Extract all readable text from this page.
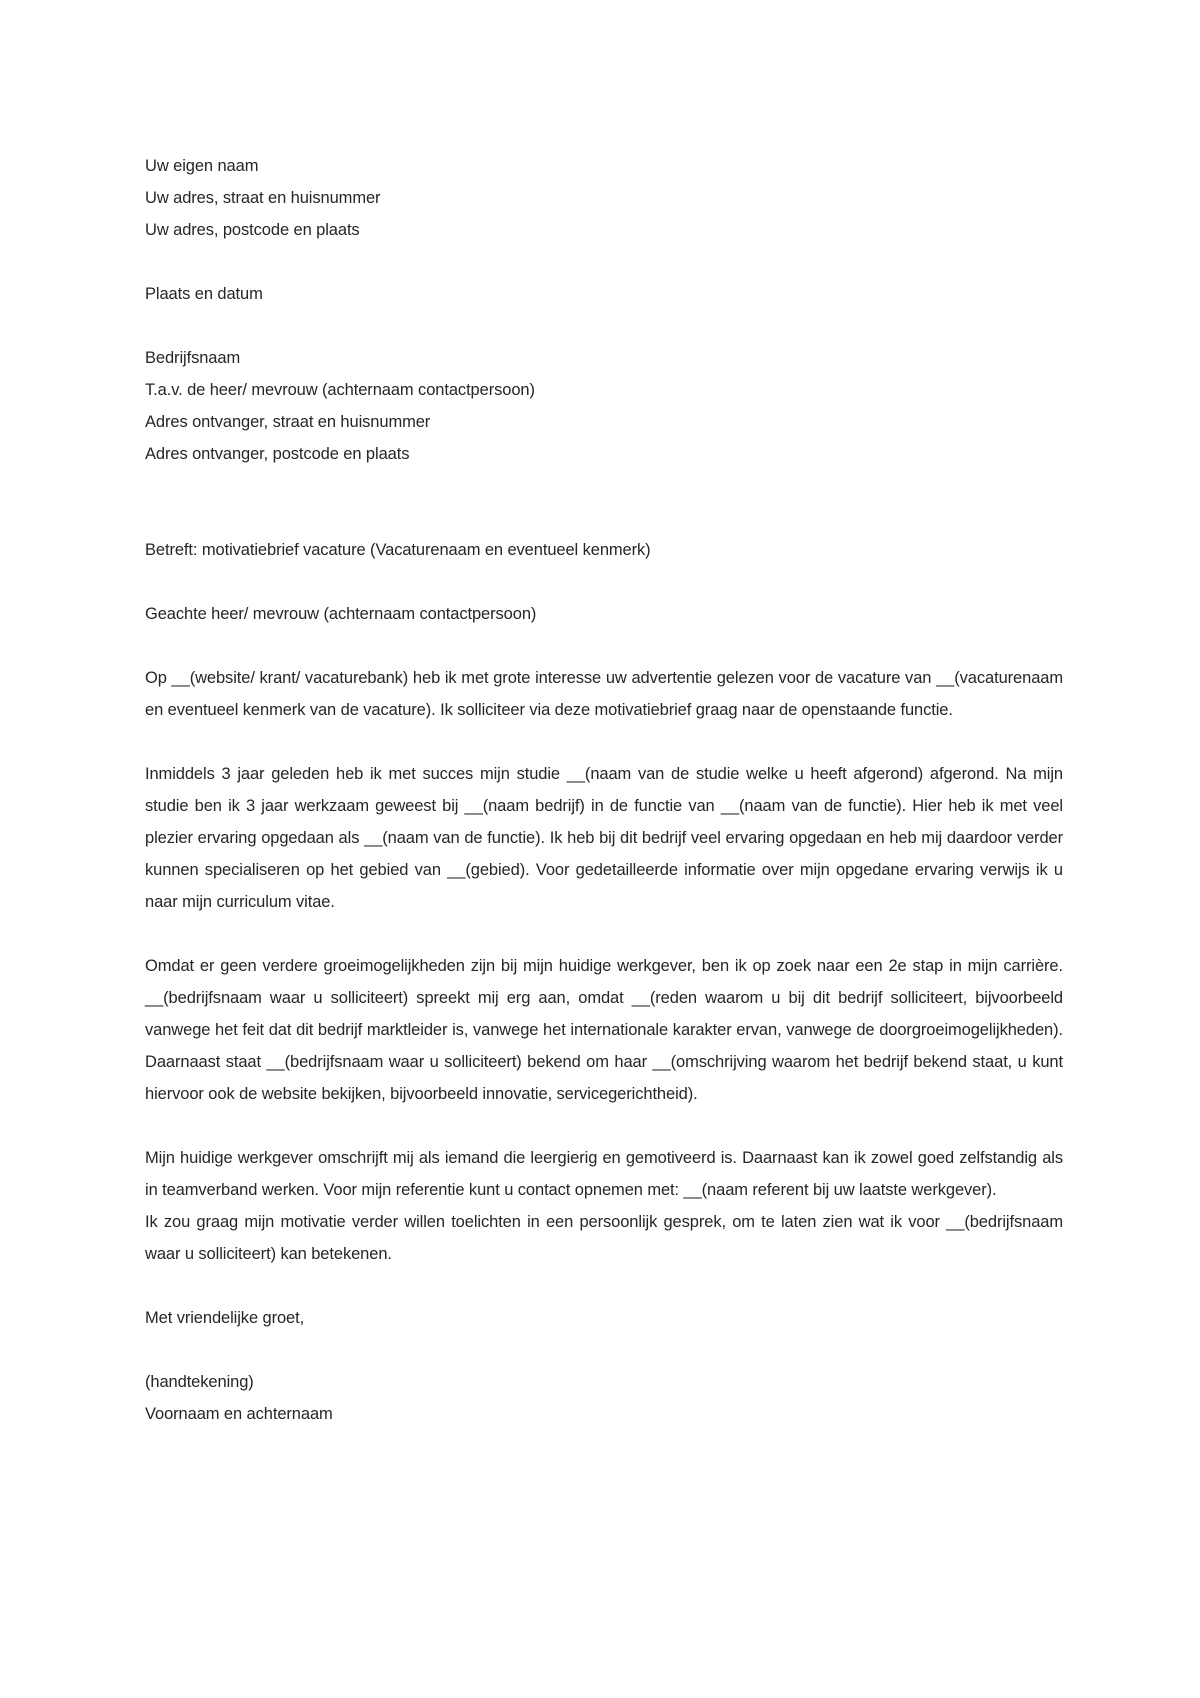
Uw eigen naam
Uw adres, straat en huisnummer
Uw adres, postcode en plaats
Plaats en datum
Bedrijfsnaam
T.a.v. de heer/ mevrouw (achternaam contactpersoon)
Adres ontvanger, straat en huisnummer
Adres ontvanger, postcode en plaats
Betreft: motivatiebrief vacature (Vacaturenaam en eventueel kenmerk)
Geachte heer/ mevrouw (achternaam contactpersoon)

Op __(website/ krant/ vacaturebank) heb ik met grote interesse uw advertentie gelezen voor de vacature van __(vacaturenaam en eventueel kenmerk van de vacature). Ik solliciteer via deze motivatiebrief graag naar de openstaande functie.

Inmiddels 3 jaar geleden heb ik met succes mijn studie __(naam van de studie welke u heeft afgerond) afgerond. Na mijn studie ben ik 3 jaar werkzaam geweest bij __(naam bedrijf) in de functie van __(naam van de functie). Hier heb ik met veel plezier ervaring opgedaan als __(naam van de functie). Ik heb bij dit bedrijf veel ervaring opgedaan en heb mij daardoor verder kunnen specialiseren op het gebied van __(gebied). Voor gedetailleerde informatie over mijn opgedane ervaring verwijs ik u naar mijn curriculum vitae.

Omdat er geen verdere groeimogelijkheden zijn bij mijn huidige werkgever, ben ik op zoek naar een 2e stap in mijn carrière. __(bedrijfsnaam waar u solliciteert) spreekt mij erg aan, omdat __(reden waarom u bij dit bedrijf solliciteert, bijvoorbeeld vanwege het feit dat dit bedrijf marktleider is, vanwege het internationale karakter ervan, vanwege de doorgroeimogelijkheden). Daarnaast staat __(bedrijfsnaam waar u solliciteert) bekend om haar __(omschrijving waarom het bedrijf bekend staat, u kunt hiervoor ook de website bekijken, bijvoorbeeld innovatie, servicegerichtheid).

Mijn huidige werkgever omschrijft mij als iemand die leergierig en gemotiveerd is. Daarnaast kan ik zowel goed zelfstandig als in teamverband werken. Voor mijn referentie kunt u contact opnemen met: __(naam referent bij uw laatste werkgever).

Ik zou graag mijn motivatie verder willen toelichten in een persoonlijk gesprek, om te laten zien wat ik voor __(bedrijfsnaam waar u solliciteert) kan betekenen.

Met vriendelijke groet,
(handtekening)
Voornaam en achternaam
